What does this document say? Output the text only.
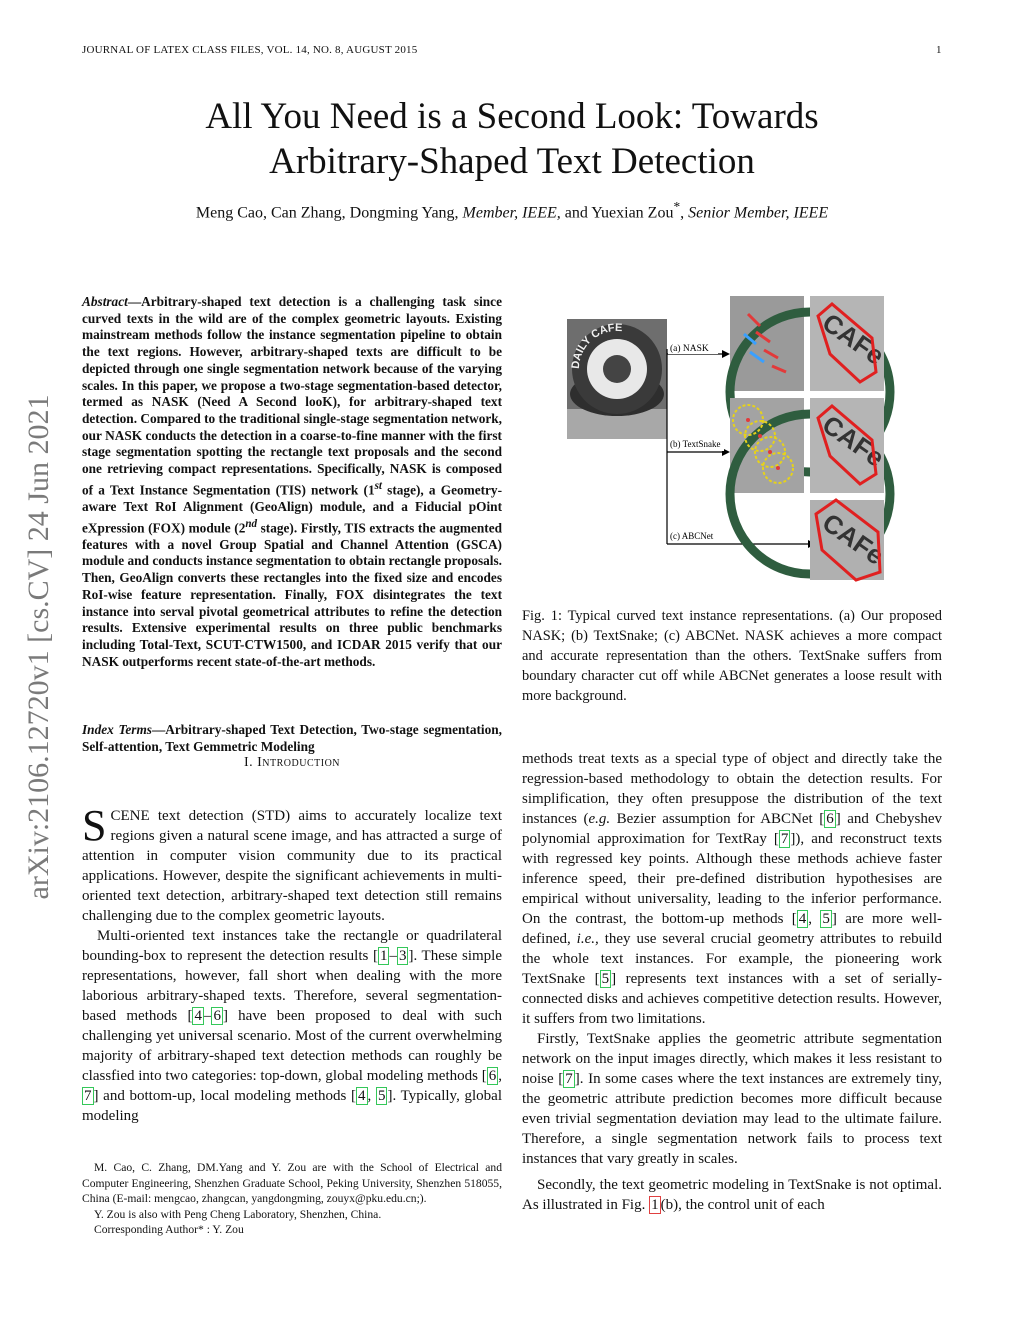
JOURNAL OF LATEX CLASS FILES, VOL. 14, NO. 8, AUGUST 2015	1
All You Need is a Second Look: Towards
Arbitrary-Shaped Text Detection
Meng Cao, Can Zhang, Dongming Yang, Member, IEEE, and Yuexian Zou*, Senior Member, IEEE
arXiv:2106.12720v1 [cs.CV] 24 Jun 2021
Abstract—Arbitrary-shaped text detection is a challenging task since curved texts in the wild are of the complex geometric layouts. Existing mainstream methods follow the instance segmentation pipeline to obtain the text regions. However, arbitrary-shaped texts are difficult to be depicted through one single segmentation network because of the varying scales. In this paper, we propose a two-stage segmentation-based detector, termed as NASK (Need A Second looK), for arbitrary-shaped text detection. Compared to the traditional single-stage segmentation network, our NASK conducts the detection in a coarse-to-fine manner with the first stage segmentation spotting the rectangle text proposals and the second one retrieving compact representations. Specifically, NASK is composed of a Text Instance Segmentation (TIS) network (1st stage), a Geometry-aware Text RoI Alignment (GeoAlign) module, and a Fiducial pOint eXpression (FOX) module (2nd stage). Firstly, TIS extracts the augmented features with a novel Group Spatial and Channel Attention (GSCA) module and conducts instance segmentation to obtain rectangle proposals. Then, GeoAlign converts these rectangles into the fixed size and encodes RoI-wise feature representation. Finally, FOX disintegrates the text instance into serval pivotal geometrical attributes to refine the detection results. Extensive experimental results on three public benchmarks including Total-Text, SCUT-CTW1500, and ICDAR 2015 verify that our NASK outperforms recent state-of-the-art methods.
Index Terms—Arbitrary-shaped Text Detection, Two-stage segmentation, Self-attention, Text Gemmetric Modeling
I. Introduction

SCENE text detection (STD) aims to accurately localize text regions given a natural scene image, and has attracted a surge of attention in computer vision community due to its practical applications. However, despite the significant achievements in multi-oriented text detection, arbitrary-shaped text detection still remains challenging due to the complex geometric layouts.

Multi-oriented text instances take the rectangle or quadrilateral bounding-box to represent the detection results [ 1 – 3 ]. These simple representations, however, fall short when dealing with the more laborious arbitrary-shaped texts. Therefore, several segmentation-based methods [ 4 – 6 ] have been proposed to deal with such challenging yet universal scenario. Most of the current overwhelming majority of arbitrary-shaped text detection methods can roughly be classfied into two categories: top-down, global modeling methods [ 6 , 7 ] and bottom-up, local modeling methods [ 4 , 5 ]. Typically, global modeling

M. Cao, C. Zhang, DM.Yang and Y. Zou are with the School of Electrical and Computer Engineering, Shenzhen Graduate School, Peking University, Shenzhen 518055, China (E-mail: mengcao, zhangcan, yangdongming, zouyx@pku.edu.cn;).

Y. Zou is also with Peng Cheng Laboratory, Shenzhen, China.

Corresponding Author* : Y. Zou

DAILY CAFE
(a) NASK
(b) TextSnake
(c) ABCNet
CAFe
CAFe
CAFe
Fig. 1: Typical curved text instance representations. (a) Our proposed NASK; (b) TextSnake; (c) ABCNet. NASK achieves a more compact and accurate representation than the others. TextSnake suffers from boundary character cut off while ABCNet generates a loose result with more background.

methods treat texts as a special type of object and directly take the regression-based methodology to obtain the detection results. For simplification, they often presuppose the distribution of the text instances (e.g. Bezier assumption for ABCNet [ 6 ] and Chebyshev polynomial approximation for TextRay [ 7 ]), and reconstruct texts with regressed key points. Although these methods achieve faster inference speed, their pre-defined distribution hypothesises are empirical without universality, leading to the inferior performance. On the contrast, the bottom-up methods [ 4 , 5 ] are more well-defined, i.e., they use several crucial geometry attributes to rebuild the whole text instances. For example, the pioneering work TextSnake [ 5 ] represents text instances with a set of serially-connected disks and achieves competitive detection results. However, it suffers from two limitations.

Firstly, TextSnake applies the geometric attribute segmentation network on the input images directly, which makes it less resistant to noise [ 7 ]. In some cases where the text instances are extremely tiny, the geometric attribute prediction becomes more difficult because even trivial segmentation deviation may lead to the ultimate failure. Therefore, a single segmentation network fails to process text instances that vary greatly in scales.

Secondly, the text geometric modeling in TextSnake is not optimal. As illustrated in Fig. 1 (b), the control unit of each
